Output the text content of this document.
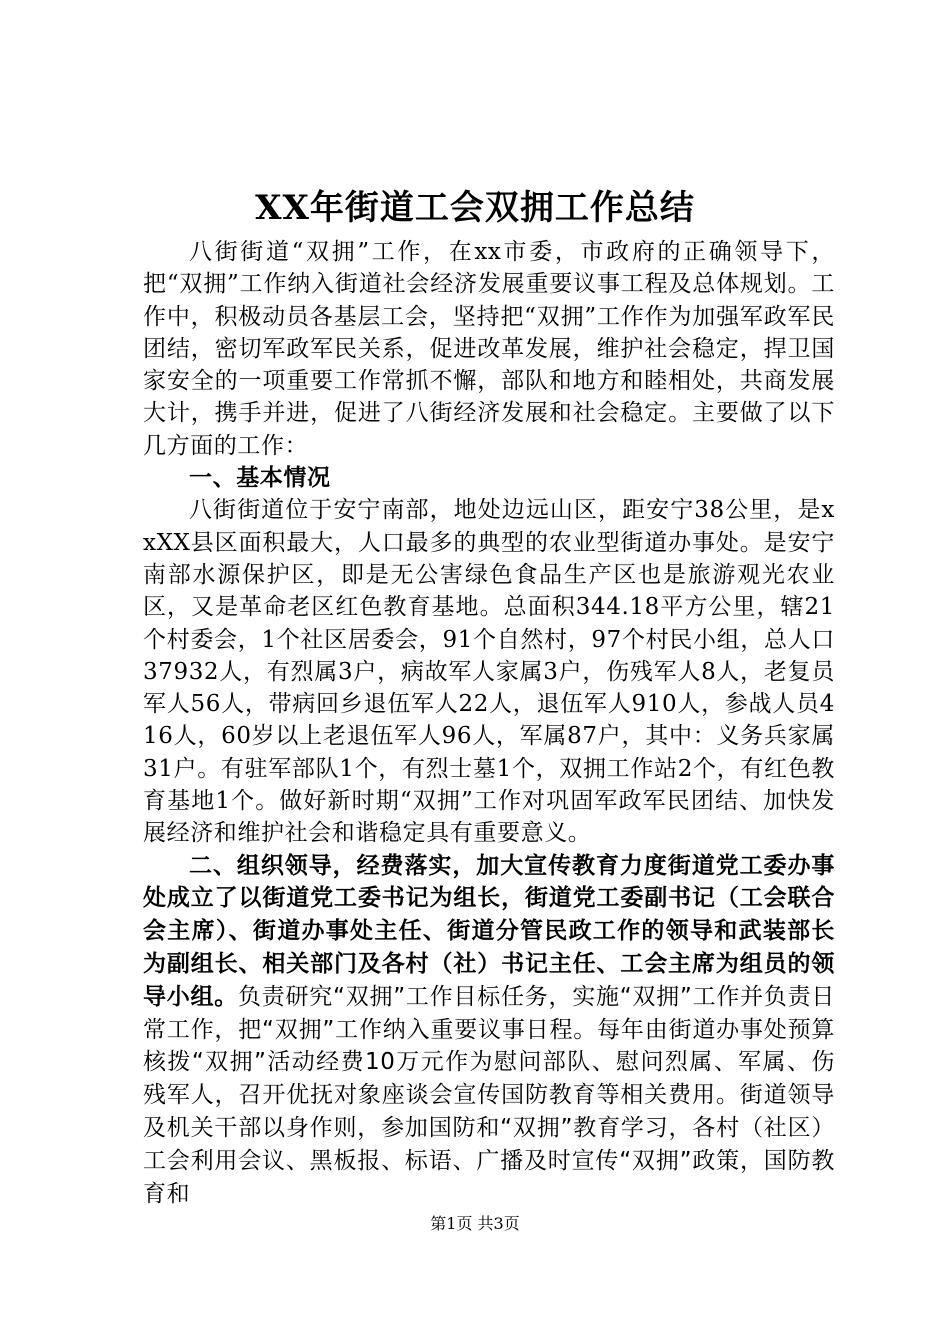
XX年街道工会双拥工作总结

八街街道“双拥”工作，在xx市委，市政府的正确领导下，把“双拥”工作纳入街道社会经济发展重要议事工程及总体规划。工作中，积极动员各基层工会，坚持把“双拥”工作作为加强军政军民团结，密切军政军民关系，促进改革发展，维护社会稳定，捍卫国家安全的一项重要工作常抓不懈，部队和地方和睦相处，共商发展大计，携手并进，促进了八街经济发展和社会稳定。主要做了以下几方面的工作：

一、基本情况

八街街道位于安宁南部，地处边远山区，距安宁38公里，是xxXX县区面积最大，人口最多的典型的农业型街道办事处。是安宁南部水源保护区，即是无公害绿色食品生产区也是旅游观光农业区，又是革命老区红色教育基地。总面积344.18平方公里，辖21个村委会，1个社区居委会，91个自然村，97个村民小组，总人口37932人，有烈属3户，病故军人家属3户，伤残军人8人，老复员军人56人，带病回乡退伍军人22人，退伍军人910人，参战人员416人，60岁以上老退伍军人96人，军属87户，其中：义务兵家属31户。有驻军部队1个，有烈士墓1个，双拥工作站2个，有红色教育基地1个。做好新时期“双拥”工作对巩固军政军民团结、加快发展经济和维护社会和谐稳定具有重要意义。

二、组织领导，经费落实，加大宣传教育力度街道党工委办事处成立了以街道党工委书记为组长，街道党工委副书记（工会联合会主席）、街道办事处主任、街道分管民政工作的领导和武装部长为副组长、相关部门及各村（社）书记主任、工会主席为组员的领导小组。负责研究“双拥”工作目标任务，实施“双拥”工作并负责日常工作，把“双拥”工作纳入重要议事日程。每年由街道办事处预算核拨“双拥”活动经费10万元作为慰问部队、慰问烈属、军属、伤残军人，召开优抚对象座谈会宣传国防教育等相关费用。街道领导及机关干部以身作则，参加国防和“双拥”教育学习，各村（社区）工会利用会议、黑板报、标语、广播及时宣传“双拥”政策，国防教育和

第1页 共3页
